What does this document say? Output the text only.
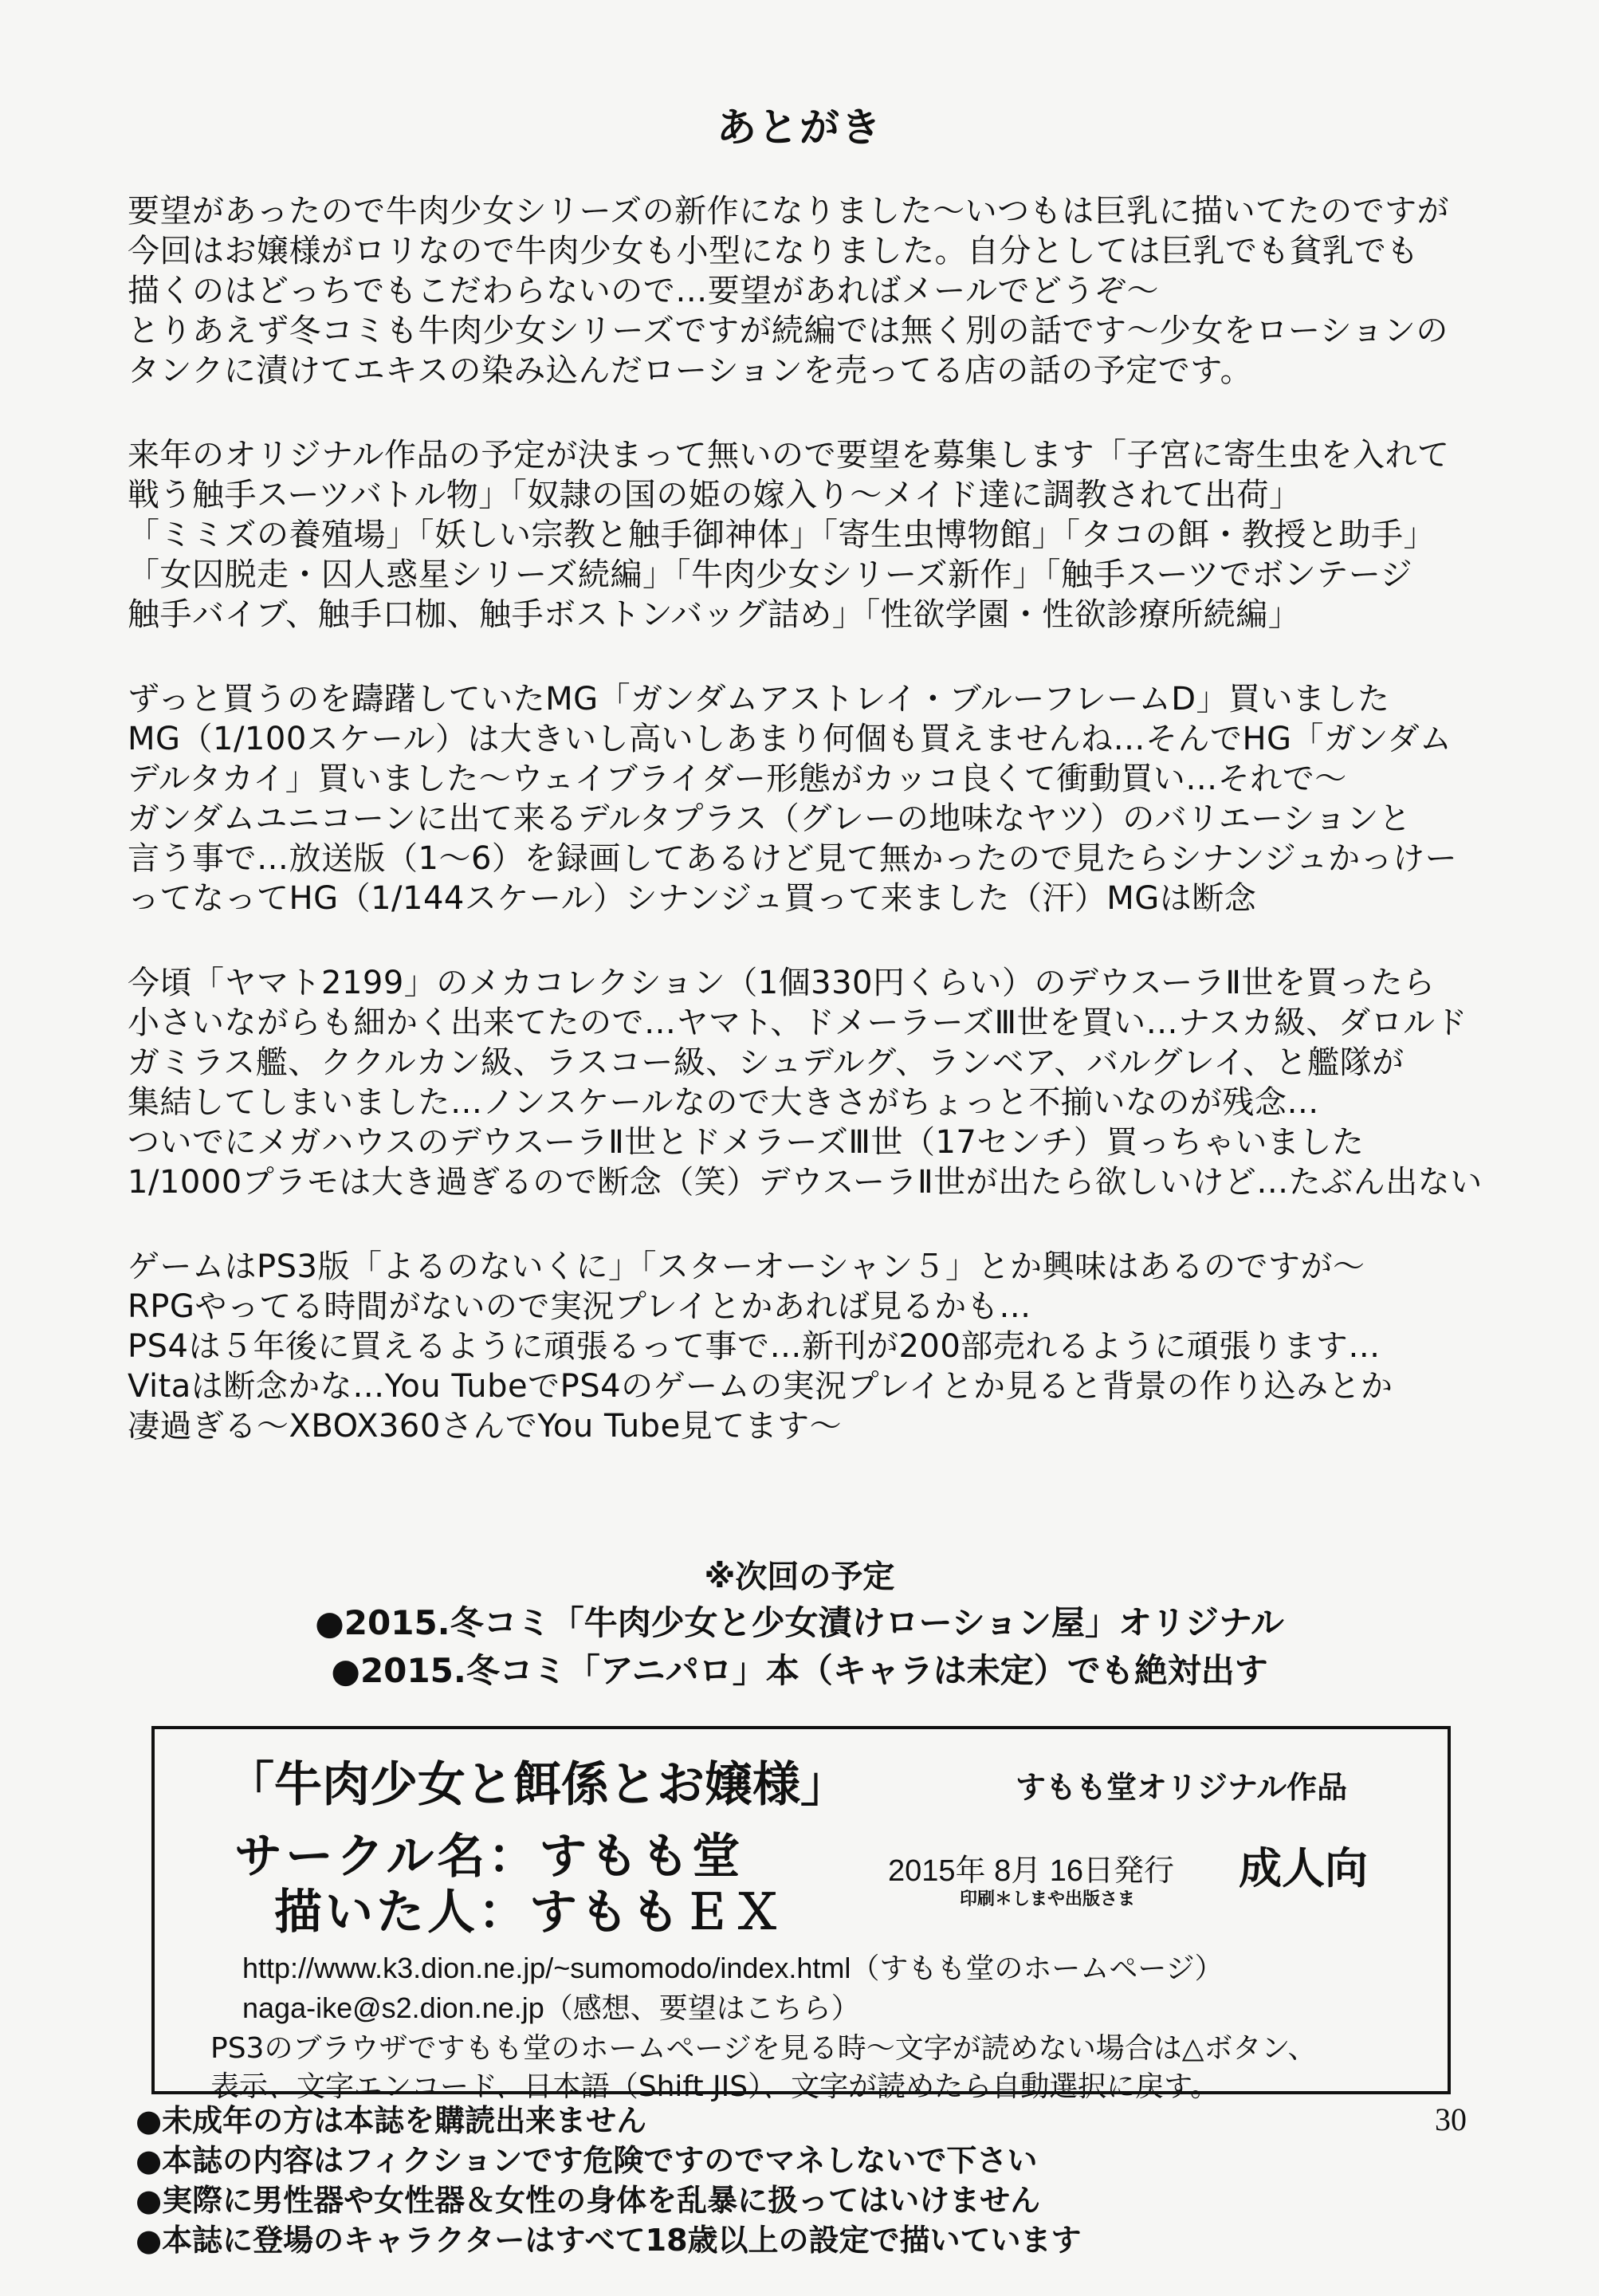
あとがき
要望があったので牛肉少女シリーズの新作になりました〜いつもは巨乳に描いてたのですが
今回はお嬢様がロリなので牛肉少女も小型になりました。自分としては巨乳でも貧乳でも
描くのはどっちでもこだわらないので…要望があればメールでどうぞ〜
とりあえず冬コミも牛肉少女シリーズですが続編では無く別の話です〜少女をローションの
タンクに漬けてエキスの染み込んだローションを売ってる店の話の予定です。
来年のオリジナル作品の予定が決まって無いので要望を募集します「子宮に寄生虫を入れて
戦う触手スーツバトル物」「奴隷の国の姫の嫁入り〜メイド達に調教されて出荷」
「ミミズの養殖場」「妖しい宗教と触手御神体」「寄生虫博物館」「タコの餌・教授と助手」
「女囚脱走・囚人惑星シリーズ続編」「牛肉少女シリーズ新作」「触手スーツでボンテージ
触手バイブ、触手口枷、触手ボストンバッグ詰め」「性欲学園・性欲診療所続編」
ずっと買うのを躊躇していたMG「ガンダムアストレイ・ブルーフレームD」買いました
MG（1/100スケール）は大きいし高いしあまり何個も買えませんね…そんでHG「ガンダム
デルタカイ」買いました〜ウェイブライダー形態がカッコ良くて衝動買い…それで〜
ガンダムユニコーンに出て来るデルタプラス（グレーの地味なヤツ）のバリエーションと
言う事で…放送版（1〜6）を録画してあるけど見て無かったので見たらシナンジュかっけー
ってなってHG（1/144スケール）シナンジュ買って来ました（汗）MGは断念
今頃「ヤマト2199」のメカコレクション（1個330円くらい）のデウスーラⅡ世を買ったら
小さいながらも細かく出来てたので…ヤマト、ドメーラーズⅢ世を買い…ナスカ級、ダロルド
ガミラス艦、ククルカン級、ラスコー級、シュデルグ、ランベア、バルグレイ、と艦隊が
集結してしまいました…ノンスケールなので大きさがちょっと不揃いなのが残念…
ついでにメガハウスのデウスーラⅡ世とドメラーズⅢ世（17センチ）買っちゃいました
1/1000プラモは大き過ぎるので断念（笑）デウスーラⅡ世が出たら欲しいけど…たぶん出ない
ゲームはPS3版「よるのないくに」「スターオーシャン５」とか興味はあるのですが〜
RPGやってる時間がないので実況プレイとかあれば見るかも…
PS4は５年後に買えるように頑張るって事で…新刊が200部売れるように頑張ります…
Vitaは断念かな…You TubeでPS4のゲームの実況プレイとか見ると背景の作り込みとか
凄過ぎる〜XBOX360さんでYou Tube見てます〜
※次回の予定
●2015.冬コミ「牛肉少女と少女漬けローション屋」オリジナル
●2015.冬コミ「アニパロ」本（キャラは未定）でも絶対出す
「牛肉少女と餌係とお嬢様」	すもも堂オリジナル作品
サークル名：すもも堂
描いた人：すももＥＸ
2015年 8月 16日発行
印刷＊しまや出版さま
成人向
http://www.k3.dion.ne.jp/~sumomodo/index.html（すもも堂のホームページ）
naga-ike@s2.dion.ne.jp（感想、要望はこちら）
PS3のブラウザですもも堂のホームページを見る時〜文字が読めない場合は△ボタン、
表示、文字エンコード、日本語（Shift JIS）、文字が読めたら自動選択に戻す。
30
●未成年の方は本誌を購読出来ません
●本誌の内容はフィクションです危険ですのでマネしないで下さい
●実際に男性器や女性器＆女性の身体を乱暴に扱ってはいけません
●本誌に登場のキャラクターはすべて18歳以上の設定で描いています
